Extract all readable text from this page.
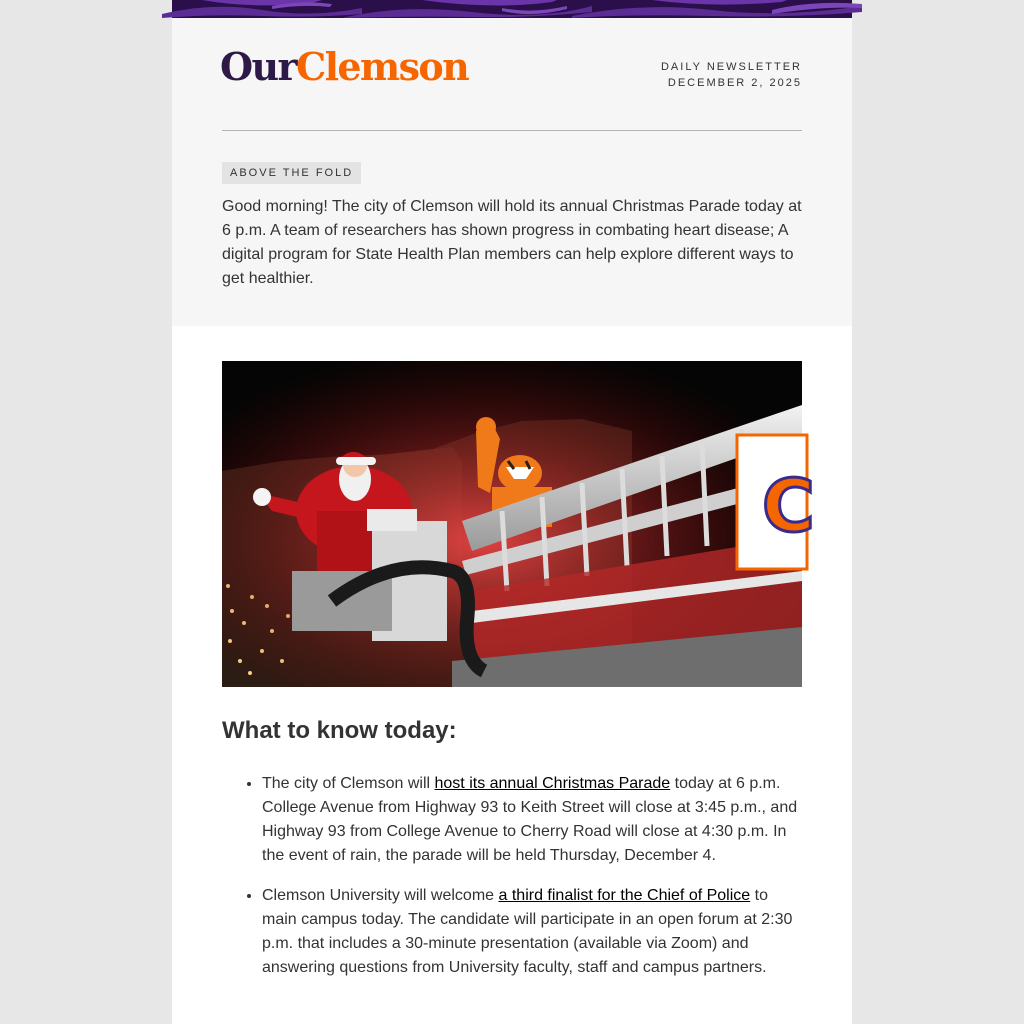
OurClemson	DAILY NEWSLETTER
DECEMBER 2, 2025
ABOVE THE FOLD

Good morning! The city of Clemson will hold its annual Christmas Parade today at 6 p.m. A team of researchers has shown progress in combating heart disease; A digital program for State Health Plan members can help explore different ways to get healthier.

C
What to know today:
• The city of Clemson will host its annual Christmas Parade today at 6 p.m. College Avenue from Highway 93 to Keith Street will close at 3:45 p.m., and Highway 93 from College Avenue to Cherry Road will close at 4:30 p.m. In the event of rain, the parade will be held Thursday, December 4.
• Clemson University will welcome a third finalist for the Chief of Police to main campus today. The candidate will participate in an open forum at 2:30 p.m. that includes a 30-minute presentation (available via Zoom) and answering questions from University faculty, staff and campus partners.
